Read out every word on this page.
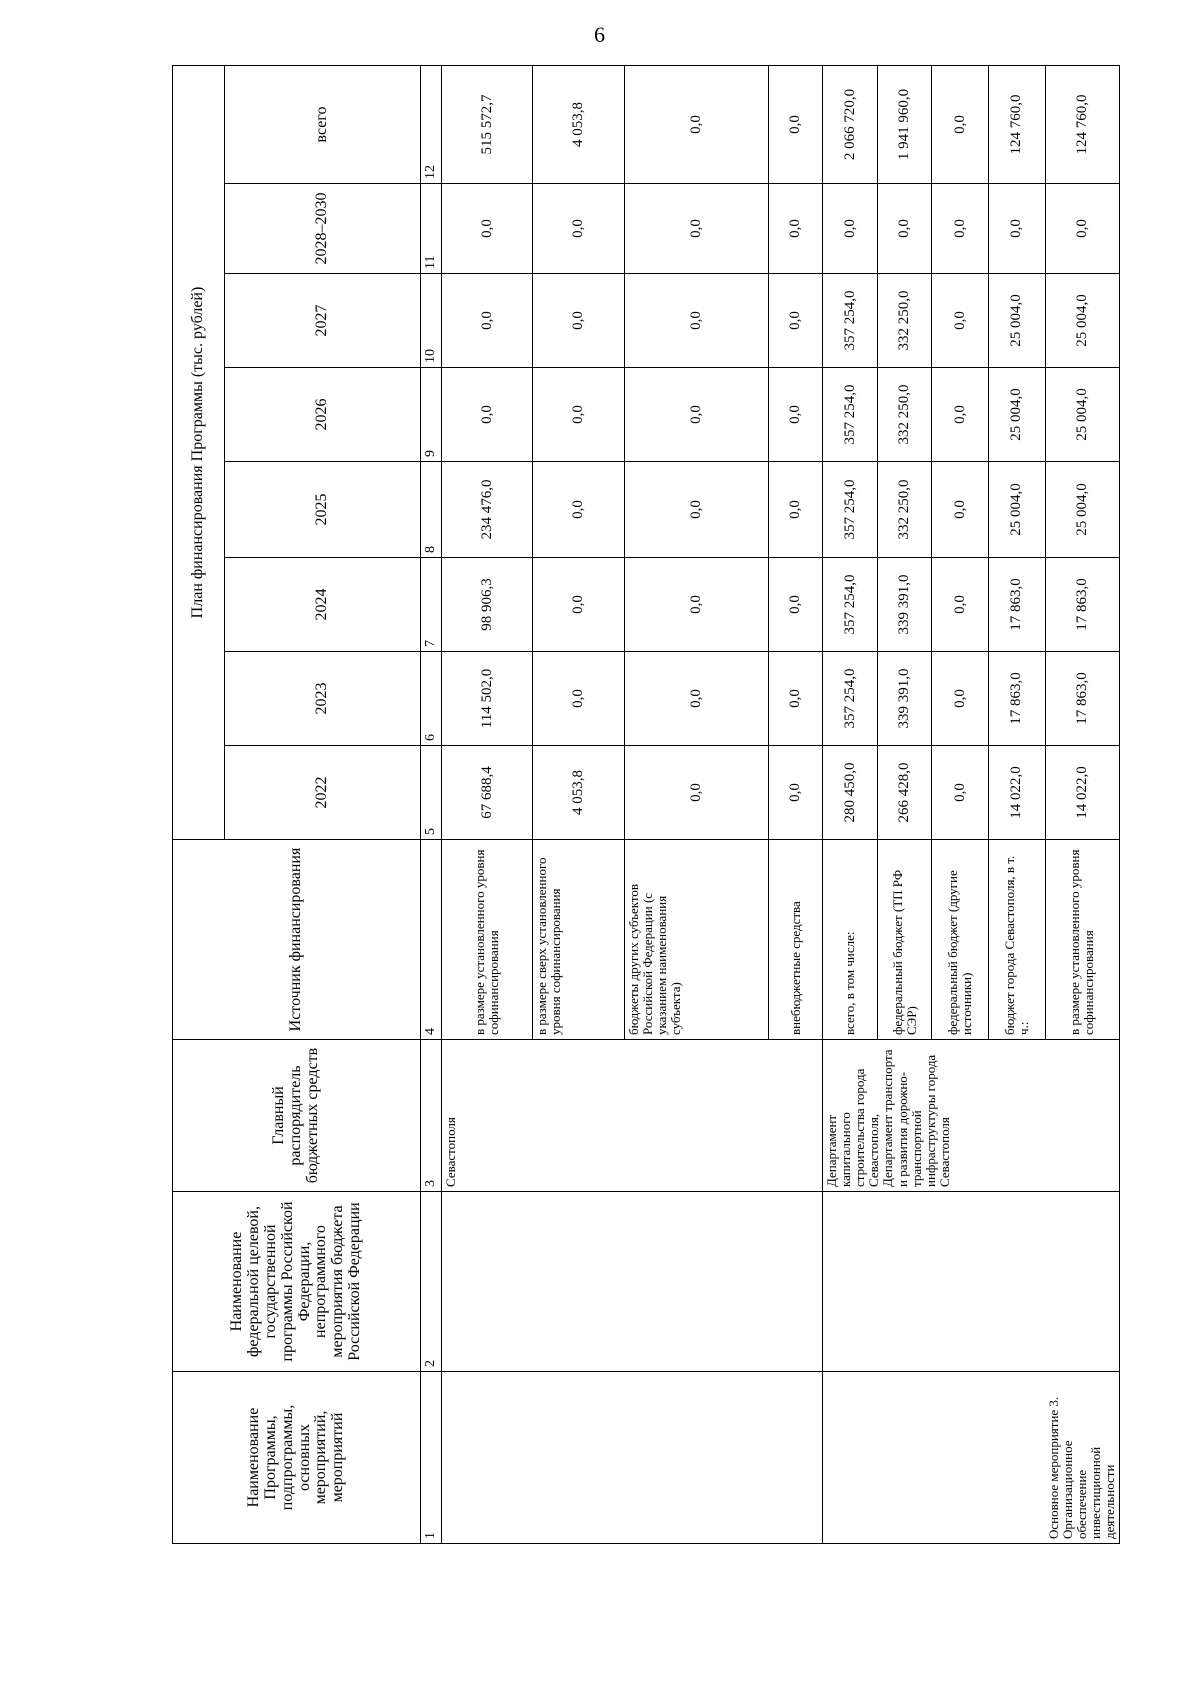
6
Наименование Программы, подпрограммы, основных мероприятий, мероприятий	Наименование федеральной целевой, государственной программы Российской Федерации, непрограммного мероприятия бюджета Российской Федерации	Главный распорядитель бюджетных средств	Источник финансирования	План финансирования Программы (тыс. рублей)							
				2022	2023	2024	2025	2026	2027	2028–2030	всего
1	2	3	4	5	6	7	8	9	10	11	12
		Севастополя	в размере установленного уровня софинансирования	67 688,4	114 502,0	98 906,3	234 476,0	0,0	0,0	0,0	515 572,7
			в размере сверх установленного уровня софинансирования	4 053,8	0,0	0,0	0,0	0,0	0,0	0,0	4 053,8
			бюджеты других субъектов Российской Федерации (с указанием наименования субъекта)	0,0	0,0	0,0	0,0	0,0	0,0	0,0	0,0
			внебюджетные средства	0,0	0,0	0,0	0,0	0,0	0,0	0,0	0,0
Основное мероприятие 3. Организационное обеспечение инвестиционной деятельности		Департамент капитального строительства города Севастополя, Департамент транспорта и развития дорожно-транспортной инфраструктуры города Севастополя	всего, в том числе:	280 450,0	357 254,0	357 254,0	357 254,0	357 254,0	357 254,0	0,0	2 066 720,0
			федеральный бюджет (ТП РФ СЭР)	266 428,0	339 391,0	339 391,0	332 250,0	332 250,0	332 250,0	0,0	1 941 960,0
			федеральный бюджет (другие источники)	0,0	0,0	0,0	0,0	0,0	0,0	0,0	0,0
			бюджет города Севастополя, в т. ч.:	14 022,0	17 863,0	17 863,0	25 004,0	25 004,0	25 004,0	0,0	124 760,0
			в размере установленного уровня софинансирования	14 022,0	17 863,0	17 863,0	25 004,0	25 004,0	25 004,0	0,0	124 760,0
